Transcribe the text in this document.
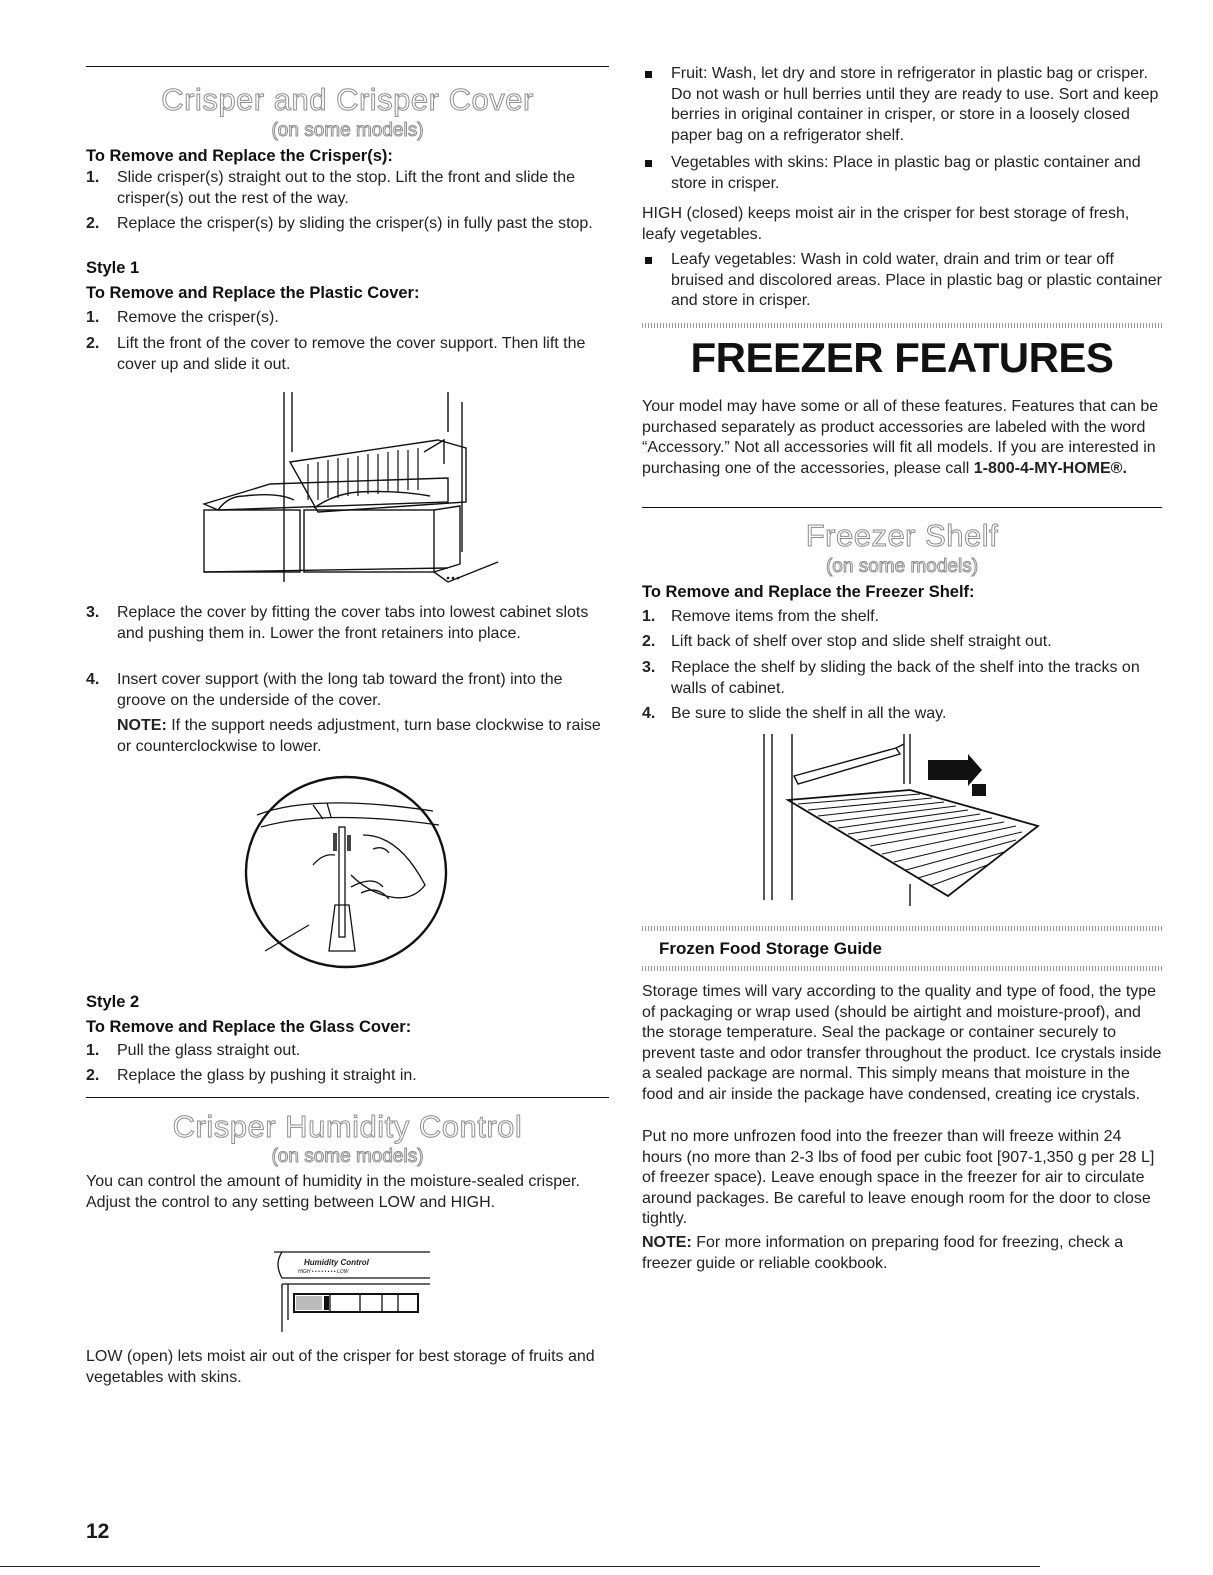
Crisper and Crisper Cover
(on some models)
To Remove and Replace the Crisper(s):
1. Slide crisper(s) straight out to the stop. Lift the front and slide the crisper(s) out the rest of the way.
2. Replace the crisper(s) by sliding the crisper(s) in fully past the stop.
Style 1
To Remove and Replace the Plastic Cover:
1. Remove the crisper(s).
2. Lift the front of the cover to remove the cover support. Then lift the cover up and slide it out.
3. Replace the cover by fitting the cover tabs into lowest cabinet slots and pushing them in. Lower the front retainers into place.
4. Insert cover support (with the long tab toward the front) into the groove on the underside of the cover.
NOTE: If the support needs adjustment, turn base clockwise to raise or counterclockwise to lower.
Style 2
To Remove and Replace the Glass Cover:
1. Pull the glass straight out.
2. Replace the glass by pushing it straight in.
Crisper Humidity Control
(on some models)
You can control the amount of humidity in the moisture-sealed crisper. Adjust the control to any setting between LOW and HIGH.
Humidity Control
HIGH • • • • • • • • LOW
LOW (open) lets moist air out of the crisper for best storage of fruits and vegetables with skins.
12
Fruit: Wash, let dry and store in refrigerator in plastic bag or crisper. Do not wash or hull berries until they are ready to use. Sort and keep berries in original container in crisper, or store in a loosely closed paper bag on a refrigerator shelf.
Vegetables with skins: Place in plastic bag or plastic container and store in crisper.
HIGH (closed) keeps moist air in the crisper for best storage of fresh, leafy vegetables.
Leafy vegetables: Wash in cold water, drain and trim or tear off bruised and discolored areas. Place in plastic bag or plastic container and store in crisper.
FREEZER FEATURES
Your model may have some or all of these features. Features that can be purchased separately as product accessories are labeled with the word “Accessory.” Not all accessories will fit all models. If you are interested in purchasing one of the accessories, please call 1-800-4-MY-HOME®.
Freezer Shelf
(on some models)
To Remove and Replace the Freezer Shelf:
1. Remove items from the shelf.
2. Lift back of shelf over stop and slide shelf straight out.
3. Replace the shelf by sliding the back of the shelf into the tracks on walls of cabinet.
4. Be sure to slide the shelf in all the way.
Frozen Food Storage Guide
Storage times will vary according to the quality and type of food, the type of packaging or wrap used (should be airtight and moisture-proof), and the storage temperature. Seal the package or container securely to prevent taste and odor transfer throughout the product. Ice crystals inside a sealed package are normal. This simply means that moisture in the food and air inside the package have condensed, creating ice crystals.
Put no more unfrozen food into the freezer than will freeze within 24 hours (no more than 2-3 lbs of food per cubic foot [907-1,350 g per 28 L] of freezer space). Leave enough space in the freezer for air to circulate around packages. Be careful to leave enough room for the door to close tightly.
NOTE: For more information on preparing food for freezing, check a freezer guide or reliable cookbook.
